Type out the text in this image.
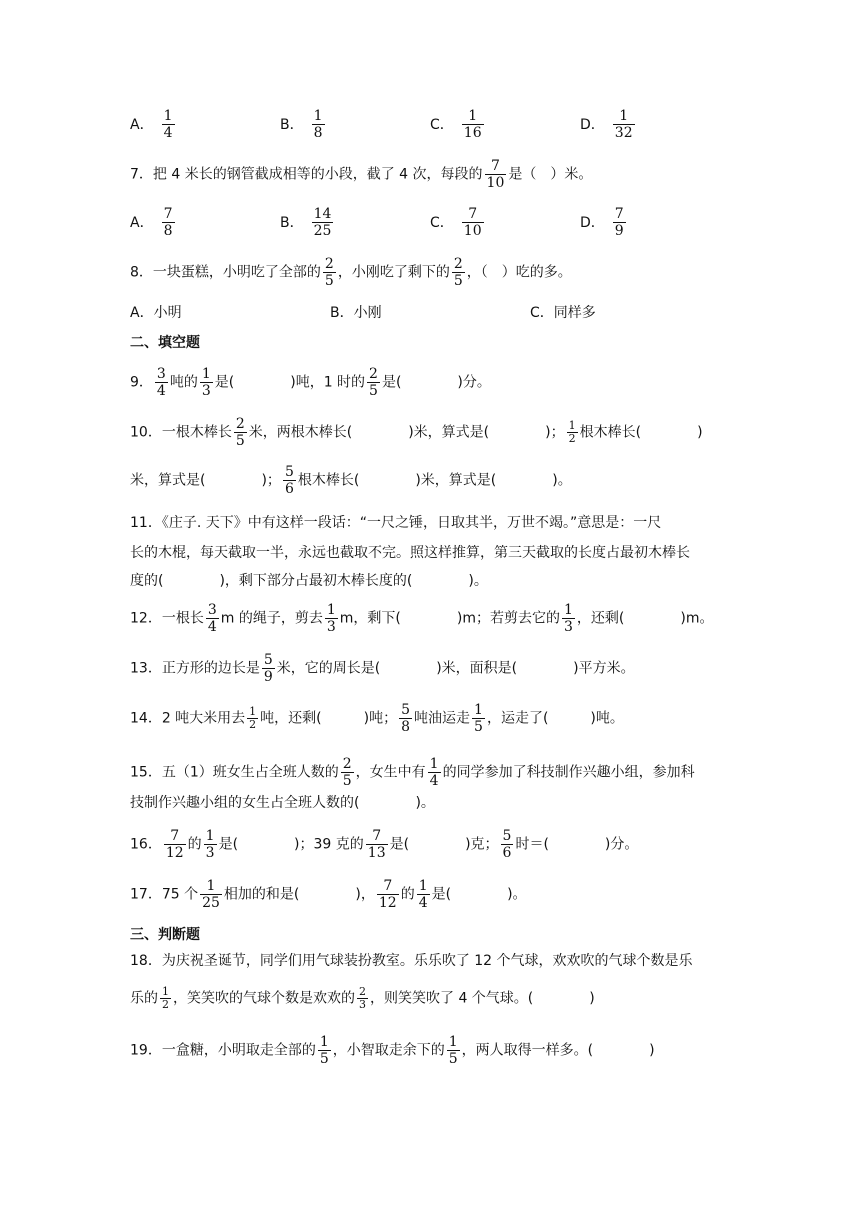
A． $\frac{1}{4}$	B． $\frac{1}{8}$	C． $\frac{1}{16}$	D． $\frac{1}{32}$
7．把 4 米长的钢管截成相等的小段，截了 4 次，每段的 $\frac{7}{10}$ 是（　）米。
A． $\frac{7}{8}$	B． $\frac{14}{25}$	C． $\frac{7}{10}$	D． $\frac{7}{9}$
8．一块蛋糕，小明吃了全部的 $\frac{2}{5}$ ，小刚吃了剩下的 $\frac{2}{5}$ ，（　）吃的多。
A．小明	B．小刚	C．同样多
二、填空题
9． $\frac{3}{4}$ 吨的 $\frac{1}{3}$ 是(　　　　)吨，1 时的 $\frac{2}{5}$ 是(　　　　)分。
10．一根木棒长 $\frac{2}{5}$ 米，两根木棒长(　　　　)米，算式是(　　　　)； $\frac{1}{2}$ 根木棒长(　　　　)
米，算式是(　　　　)； $\frac{5}{6}$ 根木棒长(　　　　)米，算式是(　　　　)。
11．《庄子. 天下》中有这样一段话：“一尺之锤，日取其半，万世不竭。”意思是：一尺
长的木棍，每天截取一半，永远也截取不完。照这样推算，第三天截取的长度占最初木棒长
度的(　　　　)，剩下部分占最初木棒长度的(　　　　)。
12．一根长 $\frac{3}{4}$ m 的绳子，剪去 $\frac{1}{3}$ m，剩下(　　　　)m；若剪去它的 $\frac{1}{3}$ ，还剩(　　　　)m。
13．正方形的边长是 $\frac{5}{9}$ 米，它的周长是(　　　　)米，面积是(　　　　)平方米。
14．2 吨大米用去 $\frac{1}{2}$ 吨，还剩(　　　)吨； $\frac{5}{8}$ 吨油运走 $\frac{1}{5}$ ，运走了(　　　)吨。
15．五（1）班女生占全班人数的 $\frac{2}{5}$ ，女生中有 $\frac{1}{4}$ 的同学参加了科技制作兴趣小组，参加科
技制作兴趣小组的女生占全班人数的(　　　　)。
16． $\frac{7}{12}$ 的 $\frac{1}{3}$ 是(　　　　)；39 克的 $\frac{7}{13}$ 是(　　　　)克； $\frac{5}{6}$ 时＝(　　　　)分。
17．75 个 $\frac{1}{25}$ 相加的和是(　　　　)， $\frac{7}{12}$ 的 $\frac{1}{4}$ 是(　　　　)。
三、判断题
18．为庆祝圣诞节，同学们用气球装扮教室。乐乐吹了 12 个气球，欢欢吹的气球个数是乐
乐的 $\frac{1}{2}$ ，笑笑吹的气球个数是欢欢的 $\frac{2}{3}$ ，则笑笑吹了 4 个气球。(　　　　)
19．一盒糖，小明取走全部的 $\frac{1}{5}$ ，小智取走余下的 $\frac{1}{5}$ ，两人取得一样多。(　　　　)
